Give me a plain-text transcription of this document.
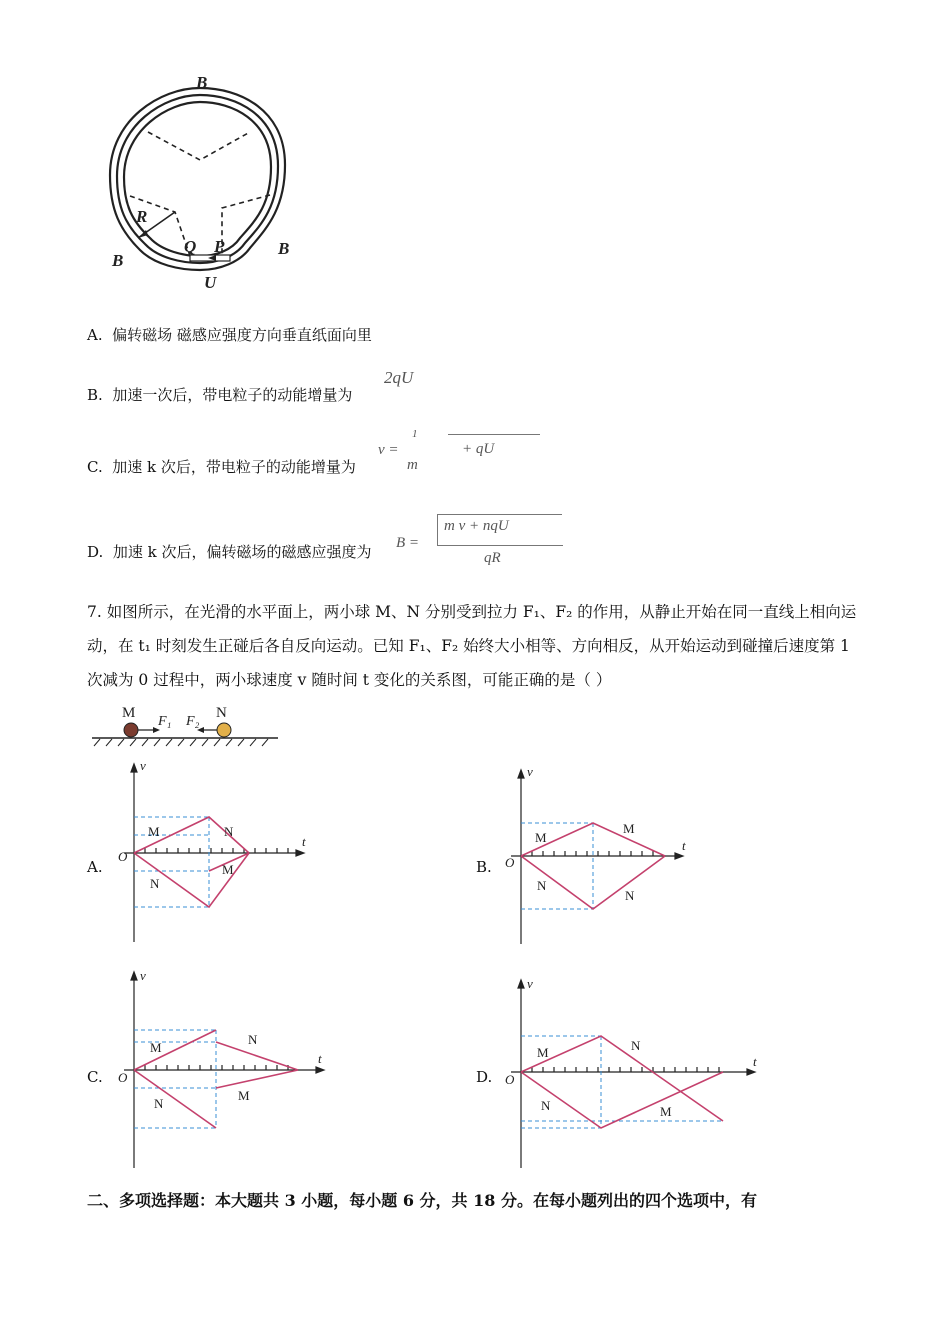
B
B
B
R
Q P
U
A. 偏转磁场 磁感应强度方向垂直纸面向里
B. 加速一次后，带电粒子的动能增量为
2qU
C. 加速 k 次后，带电粒子的动能增量为
v =
1
m
+ qU
D. 加速 k 次后，偏转磁场的磁感应强度为 B =
m v + nqU
qR
7. 如图所示，在光滑的水平面上，两小球 M、N 分别受到拉力 F₁、F₂ 的作用，从静止开始在同一直线上相向运动，在 t₁ 时刻发生正碰后各自反向运动。已知 F₁、F₂ 始终大小相等、方向相反，从开始运动到碰撞后速度第 1 次减为 0 过程中，两小球速度 v 随时间 t 变化的关系图，可能正确的是（ ）
M	N
F₁ F₂
A.
v
t
O
M
N
M
N
B.
v
t
O
M
N
M
N
C.
v
t
O
M
N
M
N
D.
v
t
O
M
N	M
N
二、多项选择题：本大题共 3 小题，每小题 6 分，共 18 分。在每小题列出的四个选项中，有
